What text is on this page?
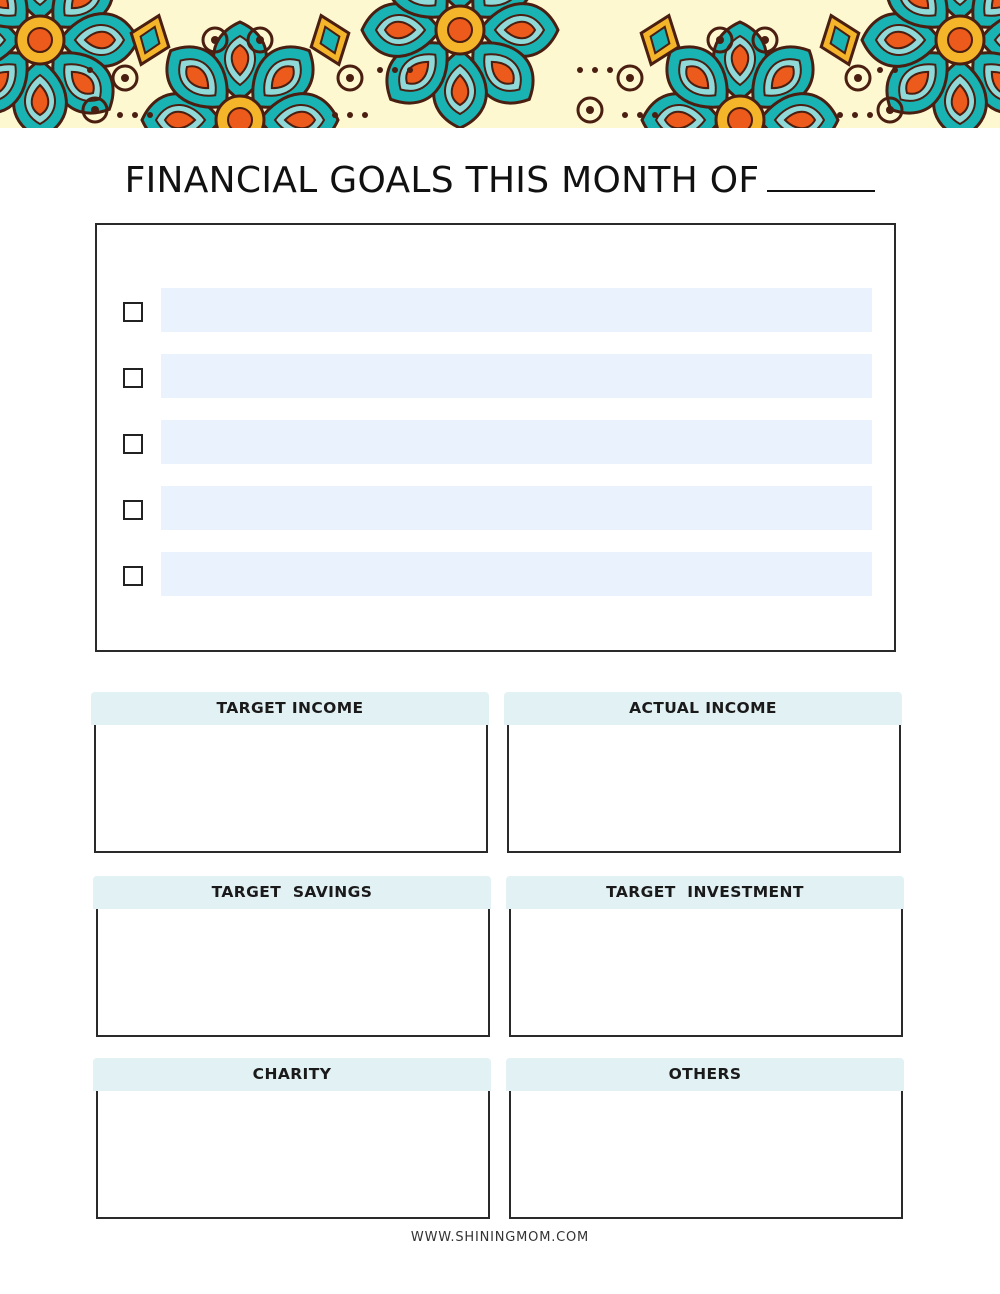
FINANCIAL GOALS THIS MONTH OF
TARGET INCOME	ACTUAL INCOME
TARGET  SAVINGS	TARGET  INVESTMENT
CHARITY	OTHERS
WWW.SHININGMOM.COM
